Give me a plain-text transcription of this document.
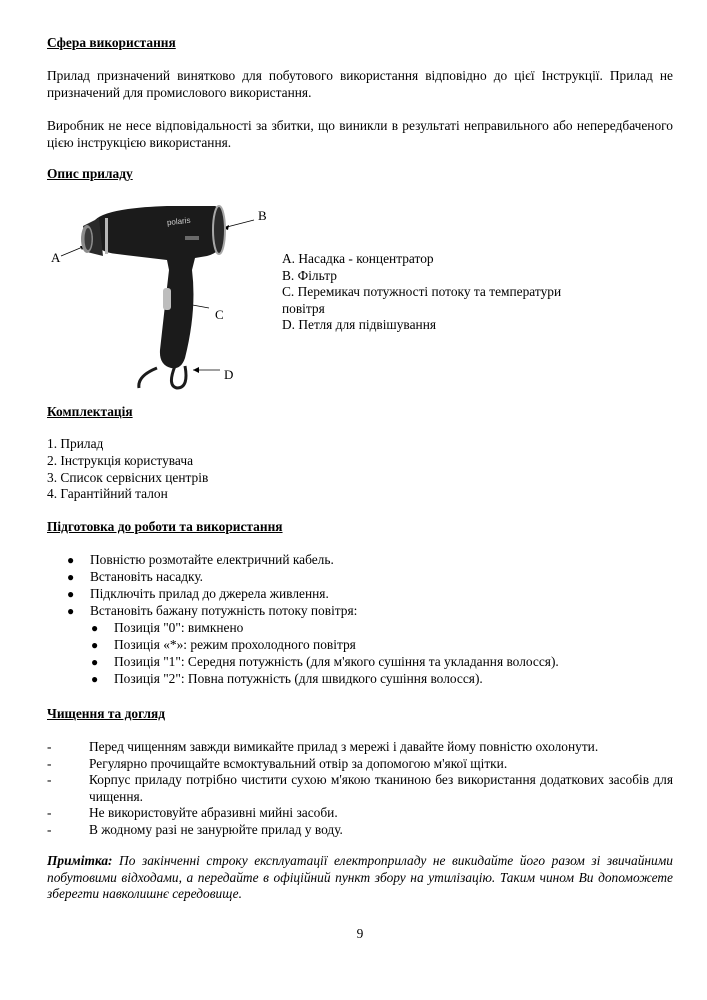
Сфера використання

Прилад призначений винятково для побутового використання відповідно до цієї Інструкції. Прилад не призначений для промислового використання.

Виробник не несе відповідальності за збитки, що виникли в результаті неправильного або непередбаченого цією інструкцією використання.

Опис приладу
polaris
A
B
C
D
A. Насадка - концентратор
B. Фільтр
C. Перемикач потужності потоку та температури повітря
D. Петля для підвішування
Комплектація
1. Прилад
2. Інструкція користувача
3. Список сервісних центрів
4. Гарантійний талон
Підготовка до роботи та використання
● Повністю розмотайте електричний кабель.
● Встановіть насадку.
● Підключіть прилад до джерела живлення.
● Встановіть бажану потужність потоку повітря:
● Позиція "0": вимкнено
● Позиція «*»: режим прохолодного повітря
● Позиція "1": Середня потужність (для м'якого сушіння та укладання волосся).
● Позиція "2": Повна потужність (для швидкого сушіння волосся).
Чищення та догляд
-	Перед чищенням завжди вимикайте прилад з мережі і давайте йому повністю охолонути.
-	Регулярно прочищайте всмоктувальний отвір за допомогою м'якої щітки.
-	Корпус приладу потрібно чистити сухою м'якою тканиною без використання додаткових засобів для чищення.
-	Не використовуйте абразивні мийні засоби.
-	В жодному разі не занурюйте прилад у воду.

Примітка: По закінченні строку експлуатації електроприладу не викидайте його разом зі звичайними побутовими відходами, а передайте в офіційний пункт збору на утилізацію. Таким чином Ви допоможете зберегти навколишнє середовище.

9
